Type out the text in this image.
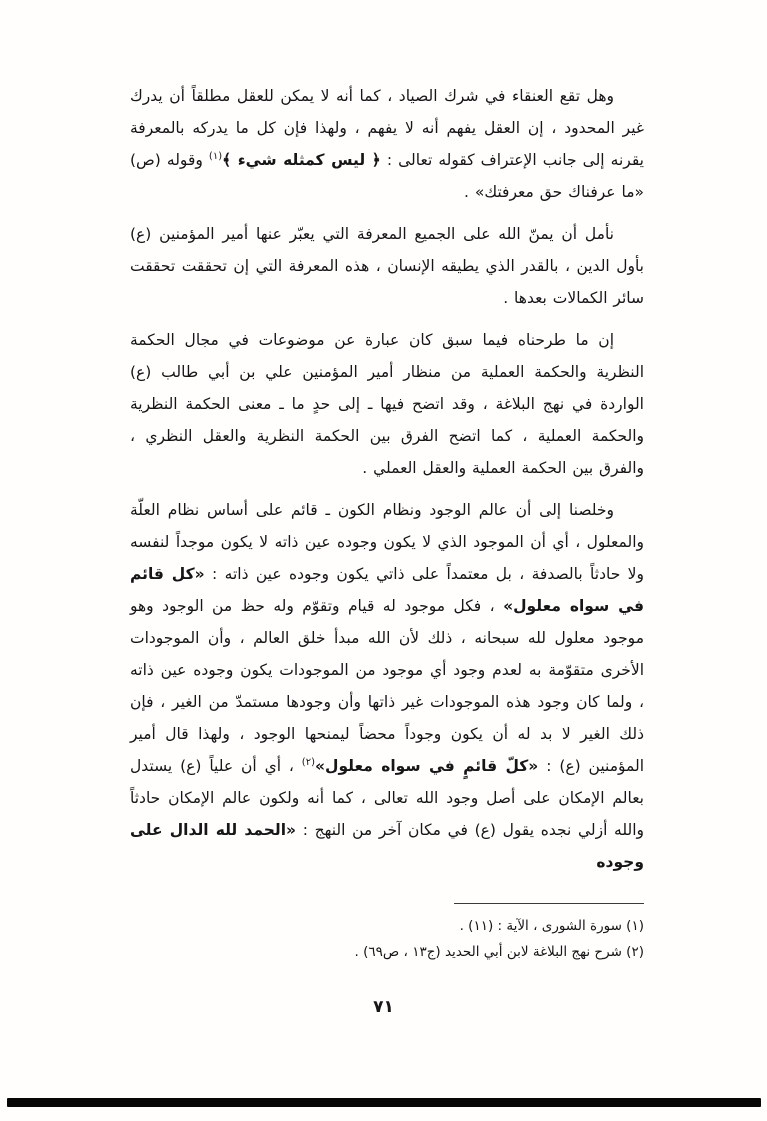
وهل تقع العنقاء في شرك الصياد ، كما أنه لا يمكن للعقل مطلقاً أن يدرك غير المحدود ، إن العقل يفهم أنه لا يفهم ، ولهذا فإن كل ما يدركه بالمعرفة يقرنه إلى جانب الإعتراف كقوله تعالى : ﴿ ليس كمثله شيء ﴾$^{(١)}$ وقوله (ص) «ما عرفناك حق معرفتك» .

نأمل أن يمنّ الله على الجميع المعرفة التي يعبّر عنها أمير المؤمنين (ع) بأول الدين ، بالقدر الذي يطيقه الإنسان ، هذه المعرفة التي إن تحققت تحققت سائر الكمالات بعدها .

إن ما طرحناه فيما سبق كان عبارة عن موضوعات في مجال الحكمة النظرية والحكمة العملية من منظار أمير المؤمنين علي بن أبي طالب (ع) الواردة في نهج البلاغة ، وقد اتضح فيها ـ إلى حدٍ ما ـ معنى الحكمة النظرية والحكمة العملية ، كما اتضح الفرق بين الحكمة النظرية والعقل النظري ، والفرق بين الحكمة العملية والعقل العملي .

وخلصنا إلى أن عالم الوجود ونظام الكون ـ قائم على أساس نظام العلّة والمعلول ، أي أن الموجود الذي لا يكون وجوده عين ذاته لا يكون موجداً لنفسه ولا حادثاً بالصدفة ، بل معتمداً على ذاتي يكون وجوده عين ذاته : «كل قائم في سواه معلول» ، فكل موجود له قيام وتقوّم وله حظ من الوجود وهو موجود معلول لله سبحانه ، ذلك لأن الله مبدأ خلق العالم ، وأن الموجودات الأخرى متقوّمة به لعدم وجود أي موجود من الموجودات يكون وجوده عين ذاته ، ولما كان وجود هذه الموجودات غير ذاتها وأن وجودها مستمدّ من الغير ، فإن ذلك الغير لا بد له أن يكون وجوداً محضاً ليمنحها الوجود ، ولهذا قال أمير المؤمنين (ع) : «كلّ قائمٍ في سواه معلول»$^{(٢)}$ ، أي أن علياً (ع) يستدل بعالم الإمكان على أصل وجود الله تعالى ، كما أنه ولكون عالم الإمكان حادثاً والله أزلي نجده يقول (ع) في مكان آخر من النهج : «الحمد لله الدال على وجوده

(١) سورة الشورى ، الآية : (١١) .

(٢) شرح نهج البلاغة لابن أبي الحديد (ج١٣ ، ص٦٩) .

٧١
